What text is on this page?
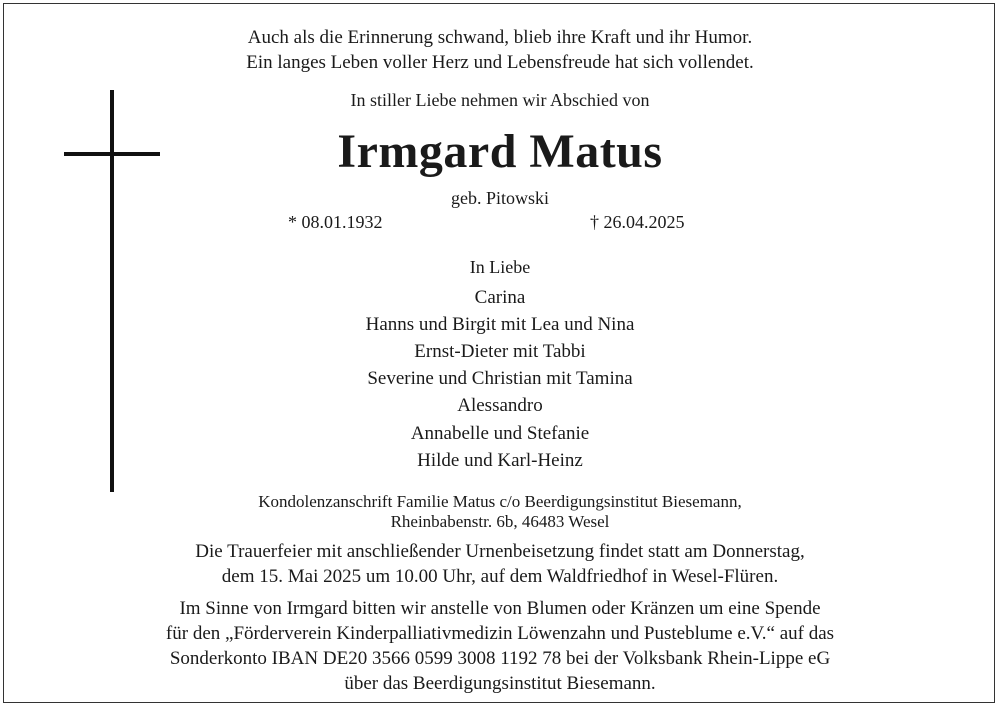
Auch als die Erinnerung schwand, blieb ihre Kraft und ihr Humor.
Ein langes Leben voller Herz und Lebensfreude hat sich vollendet.
In stiller Liebe nehmen wir Abschied von
Irmgard Matus
geb. Pitowski
* 08.01.1932	† 26.04.2025
In Liebe
Carina
Hanns und Birgit mit Lea und Nina
Ernst-Dieter mit Tabbi
Severine und Christian mit Tamina
Alessandro
Annabelle und Stefanie
Hilde und Karl-Heinz
Kondolenzanschrift Familie Matus c/o Beerdigungsinstitut Biesemann,
Rheinbabenstr. 6b, 46483 Wesel
Die Trauerfeier mit anschließender Urnenbeisetzung findet statt am Donnerstag,
dem 15. Mai 2025 um 10.00 Uhr, auf dem Waldfriedhof in Wesel-Flüren.
Im Sinne von Irmgard bitten wir anstelle von Blumen oder Kränzen um eine Spende
für den „Förderverein Kinderpalliativmedizin Löwenzahn und Pusteblume e.V.“ auf das
Sonderkonto IBAN DE20 3566 0599 3008 1192 78 bei der Volksbank Rhein-Lippe eG
über das Beerdigungsinstitut Biesemann.
